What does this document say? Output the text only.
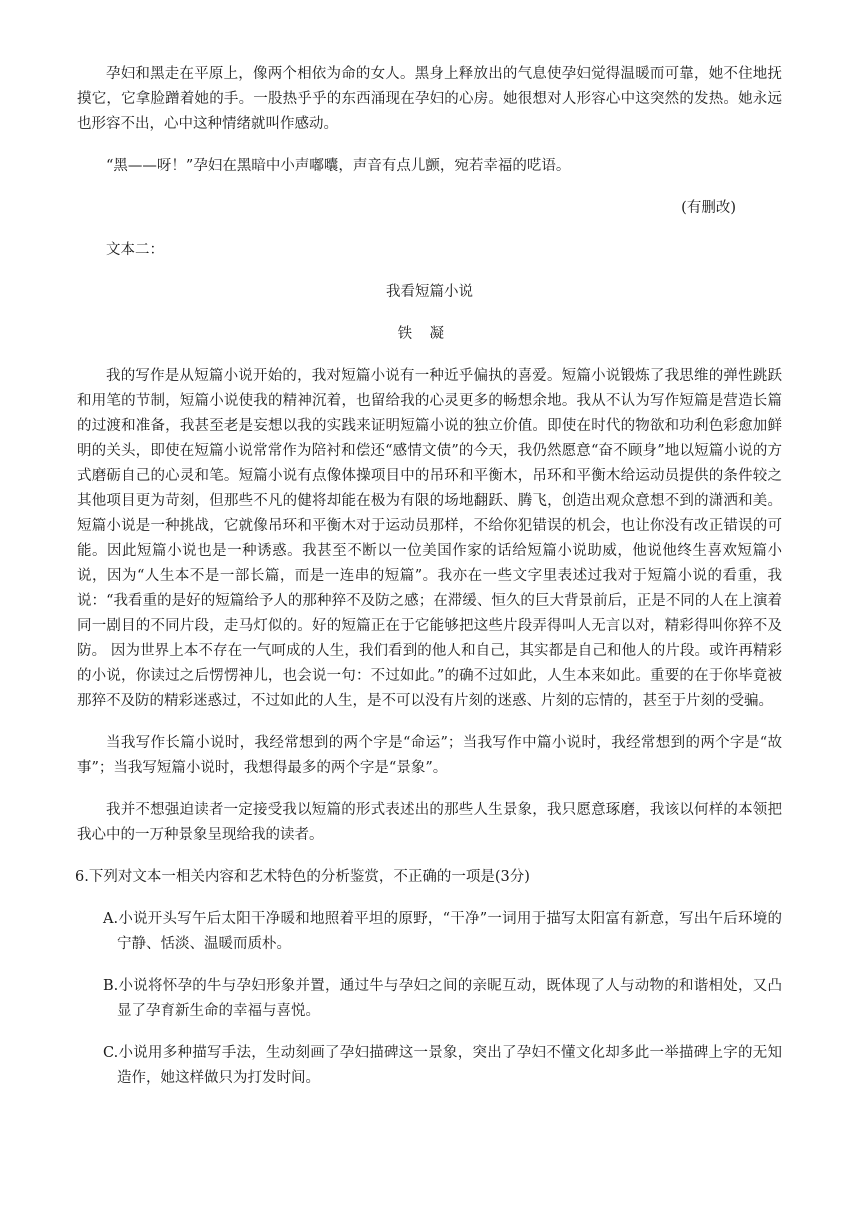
孕妇和黑走在平原上，像两个相依为命的女人。黑身上释放出的气息使孕妇觉得温暖而可靠，她不住地抚摸它，它拿脸蹭着她的手。一股热乎乎的东西涌现在孕妇的心房。她很想对人形容心中这突然的发热。她永远也形容不出，心中这种情绪就叫作感动。

“黑——呀！”孕妇在黑暗中小声嘟囔，声音有点儿颤，宛若幸福的呓语。

(有删改)

文本二：

我看短篇小说

铁凝

我的写作是从短篇小说开始的，我对短篇小说有一种近乎偏执的喜爱。短篇小说锻炼了我思维的弹性跳跃和用笔的节制，短篇小说使我的精神沉着，也留给我的心灵更多的畅想余地。我从不认为写作短篇是营造长篇的过渡和准备，我甚至老是妄想以我的实践来证明短篇小说的独立价值。即使在时代的物欲和功利色彩愈加鲜明的关头，即使在短篇小说常常作为陪衬和偿还“感情文债”的今天，我仍然愿意“奋不顾身”地以短篇小说的方式磨砺自己的心灵和笔。短篇小说有点像体操项目中的吊环和平衡木，吊环和平衡木给运动员提供的条件较之其他项目更为苛刻，但那些不凡的健将却能在极为有限的场地翻跃、腾飞，创造出观众意想不到的潇洒和美。短篇小说是一种挑战，它就像吊环和平衡木对于运动员那样，不给你犯错误的机会，也让你没有改正错误的可能。因此短篇小说也是一种诱惑。我甚至不断以一位美国作家的话给短篇小说助威，他说他终生喜欢短篇小说，因为“人生本不是一部长篇，而是一连串的短篇”。我亦在一些文字里表述过我对于短篇小说的看重，我说：“我看重的是好的短篇给予人的那种猝不及防之感；在滞缓、恒久的巨大背景前后，正是不同的人在上演着同一剧目的不同片段，走马灯似的。好的短篇正在于它能够把这些片段弄得叫人无言以对，精彩得叫你猝不及防。 因为世界上本不存在一气呵成的人生，我们看到的他人和自己，其实都是自己和他人的片段。或许再精彩的小说，你读过之后愣愣神儿，也会说一句：不过如此。”的确不过如此，人生本来如此。重要的在于你毕竟被那猝不及防的精彩迷惑过，不过如此的人生，是不可以没有片刻的迷惑、片刻的忘情的，甚至于片刻的受骗。

当我写作长篇小说时，我经常想到的两个字是“命运”；当我写作中篇小说时，我经常想到的两个字是“故事”；当我写短篇小说时，我想得最多的两个字是“景象”。

我并不想强迫读者一定接受我以短篇的形式表述出的那些人生景象，我只愿意琢磨，我该以何样的本领把我心中的一万种景象呈现给我的读者。

6.下列对文本一相关内容和艺术特色的分析鉴赏，不正确的一项是(3分)

A.小说开头写午后太阳干净暖和地照着平坦的原野，“干净”一词用于描写太阳富有新意，写出午后环境的宁静、恬淡、温暖而质朴。

B.小说将怀孕的牛与孕妇形象并置，通过牛与孕妇之间的亲昵互动，既体现了人与动物的和谐相处，又凸显了孕育新生命的幸福与喜悦。

C.小说用多种描写手法，生动刻画了孕妇描碑这一景象，突出了孕妇不懂文化却多此一举描碑上字的无知造作，她这样做只为打发时间。
